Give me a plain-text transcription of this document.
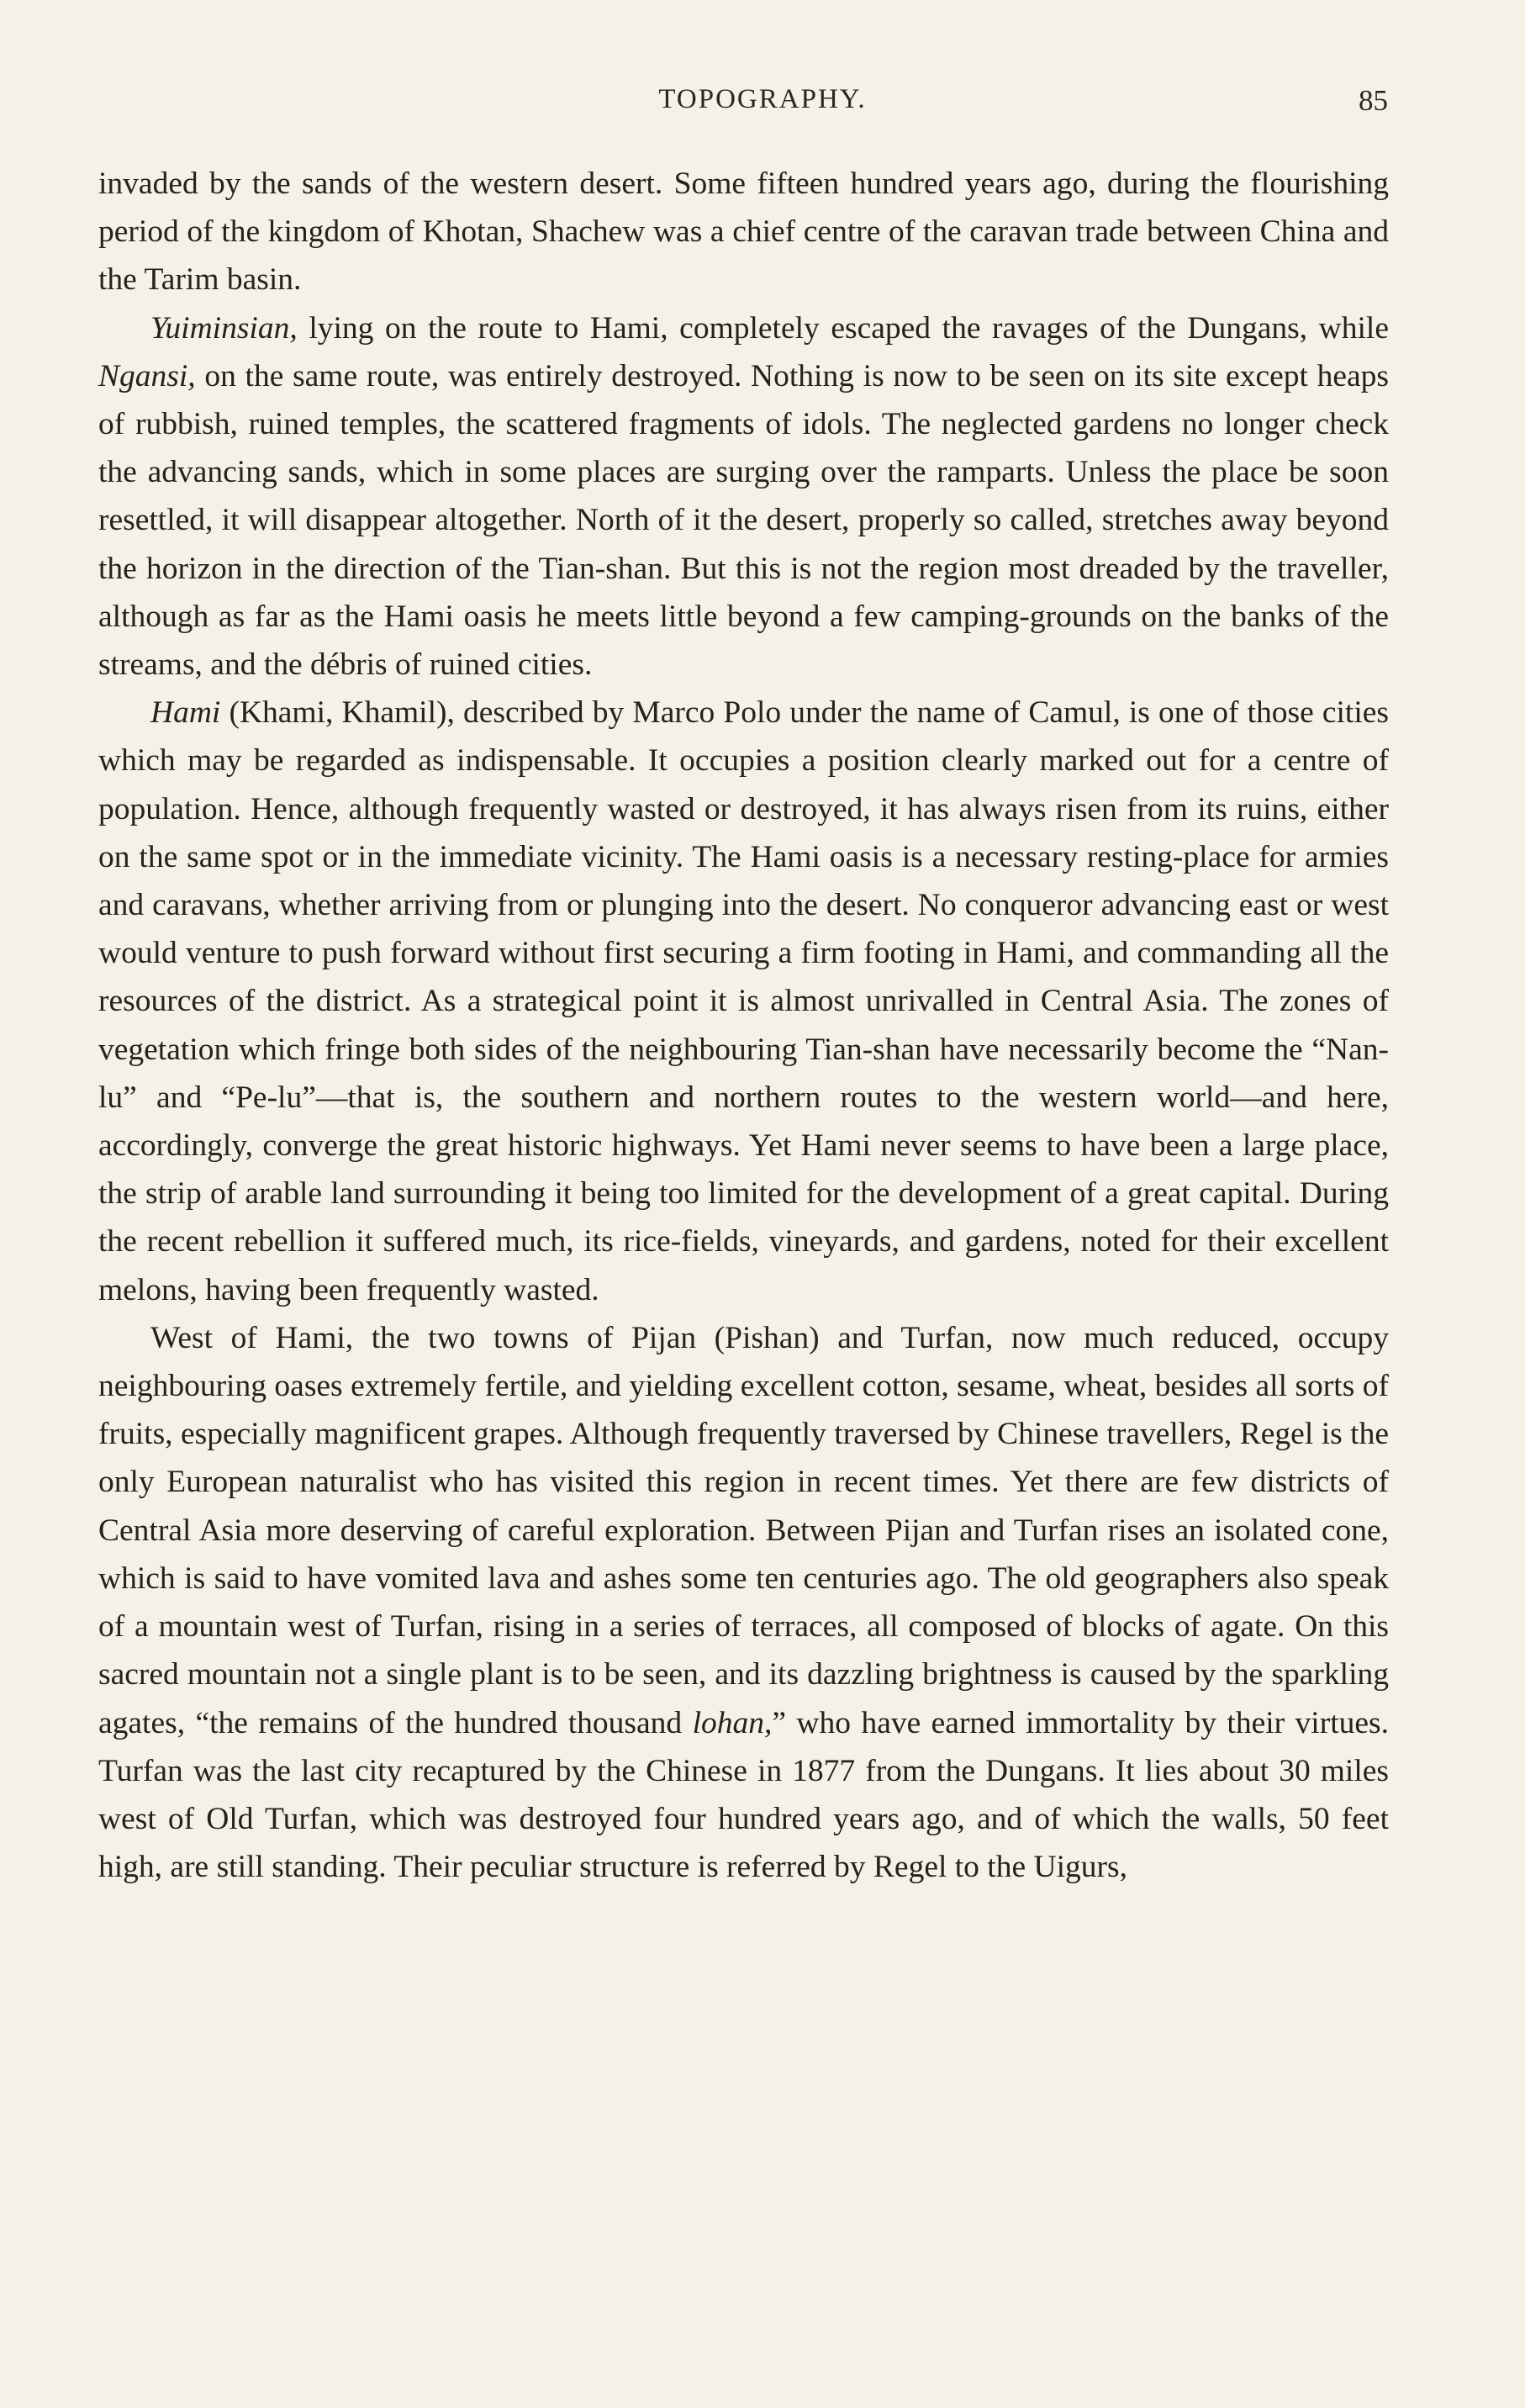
TOPOGRAPHY.	85

invaded by the sands of the western desert. Some fifteen hundred years ago, during the flourishing period of the kingdom of Khotan, Shachew was a chief centre of the caravan trade between China and the Tarim basin.

Yuiminsian, lying on the route to Hami, completely escaped the ravages of the Dungans, while Ngansi, on the same route, was entirely destroyed. Nothing is now to be seen on its site except heaps of rubbish, ruined temples, the scattered fragments of idols. The neglected gardens no longer check the advancing sands, which in some places are surging over the ramparts. Unless the place be soon resettled, it will disappear altogether. North of it the desert, properly so called, stretches away beyond the horizon in the direction of the Tian-shan. But this is not the region most dreaded by the traveller, although as far as the Hami oasis he meets little beyond a few camping-grounds on the banks of the streams, and the débris of ruined cities.

Hami (Khami, Khamil), described by Marco Polo under the name of Camul, is one of those cities which may be regarded as indispensable. It occupies a position clearly marked out for a centre of population. Hence, although frequently wasted or destroyed, it has always risen from its ruins, either on the same spot or in the immediate vicinity. The Hami oasis is a necessary resting-place for armies and caravans, whether arriving from or plunging into the desert. No conqueror advancing east or west would venture to push forward without first securing a firm footing in Hami, and commanding all the resources of the district. As a strategical point it is almost unrivalled in Central Asia. The zones of vegetation which fringe both sides of the neighbouring Tian-shan have necessarily become the “Nan-lu” and “Pe-lu”—that is, the southern and northern routes to the western world—and here, accordingly, converge the great historic highways. Yet Hami never seems to have been a large place, the strip of arable land surrounding it being too limited for the development of a great capital. During the recent rebellion it suffered much, its rice-fields, vineyards, and gardens, noted for their excellent melons, having been frequently wasted.

West of Hami, the two towns of Pijan (Pishan) and Turfan, now much reduced, occupy neighbouring oases extremely fertile, and yielding excellent cotton, sesame, wheat, besides all sorts of fruits, especially magnificent grapes. Although frequently traversed by Chinese travellers, Regel is the only European naturalist who has visited this region in recent times. Yet there are few districts of Central Asia more deserving of careful exploration. Between Pijan and Turfan rises an isolated cone, which is said to have vomited lava and ashes some ten centuries ago. The old geographers also speak of a mountain west of Turfan, rising in a series of terraces, all composed of blocks of agate. On this sacred mountain not a single plant is to be seen, and its dazzling brightness is caused by the sparkling agates, “the remains of the hundred thousand lohan,” who have earned immortality by their virtues. Turfan was the last city recaptured by the Chinese in 1877 from the Dungans. It lies about 30 miles west of Old Turfan, which was destroyed four hundred years ago, and of which the walls, 50 feet high, are still standing. Their peculiar structure is referred by Regel to the Uigurs,
